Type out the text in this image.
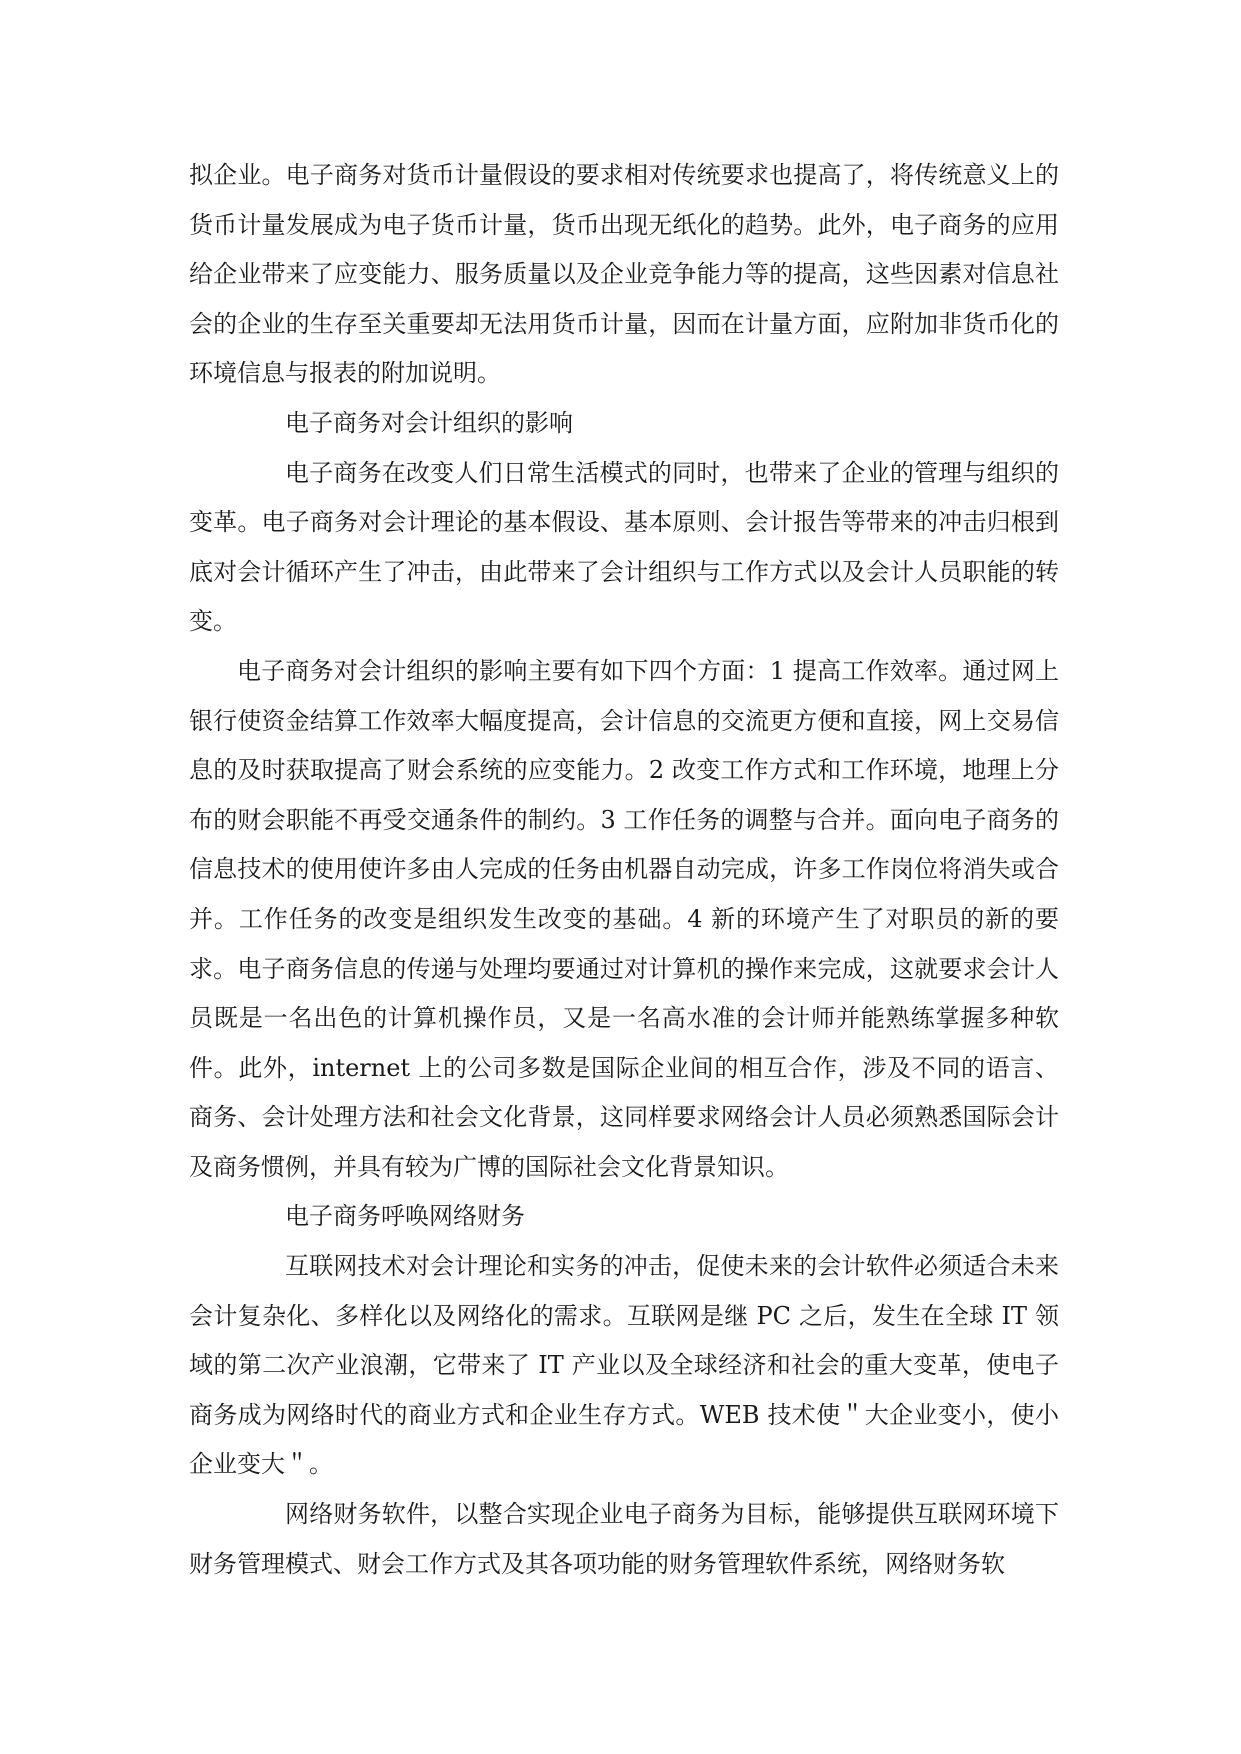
拟企业。电子商务对货币计量假设的要求相对传统要求也提高了，将传统意义上的货币计量发展成为电子货币计量，货币出现无纸化的趋势。此外，电子商务的应用给企业带来了应变能力、服务质量以及企业竞争能力等的提高，这些因素对信息社会的企业的生存至关重要却无法用货币计量，因而在计量方面，应附加非货币化的环境信息与报表的附加说明。

电子商务对会计组织的影响

电子商务在改变人们日常生活模式的同时，也带来了企业的管理与组织的变革。电子商务对会计理论的基本假设、基本原则、会计报告等带来的冲击归根到底对会计循环产生了冲击，由此带来了会计组织与工作方式以及会计人员职能的转变。

电子商务对会计组织的影响主要有如下四个方面：1 提高工作效率。通过网上银行使资金结算工作效率大幅度提高，会计信息的交流更方便和直接，网上交易信息的及时获取提高了财会系统的应变能力。2 改变工作方式和工作环境，地理上分布的财会职能不再受交通条件的制约。3 工作任务的调整与合并。面向电子商务的信息技术的使用使许多由人完成的任务由机器自动完成，许多工作岗位将消失或合并。工作任务的改变是组织发生改变的基础。4 新的环境产生了对职员的新的要求。电子商务信息的传递与处理均要通过对计算机的操作来完成，这就要求会计人员既是一名出色的计算机操作员，又是一名高水准的会计师并能熟练掌握多种软件。此外，internet 上的公司多数是国际企业间的相互合作，涉及不同的语言、商务、会计处理方法和社会文化背景，这同样要求网络会计人员必须熟悉国际会计及商务惯例，并具有较为广博的国际社会文化背景知识。

电子商务呼唤网络财务

互联网技术对会计理论和实务的冲击，促使未来的会计软件必须适合未来会计复杂化、多样化以及网络化的需求。互联网是继 PC 之后，发生在全球 IT 领域的第二次产业浪潮，它带来了 IT 产业以及全球经济和社会的重大变革，使电子商务成为网络时代的商业方式和企业生存方式。WEB 技术使＂大企业变小，使小企业变大＂。

网络财务软件，以整合实现企业电子商务为目标，能够提供互联网环境下财务管理模式、财会工作方式及其各项功能的财务管理软件系统，网络财务软
